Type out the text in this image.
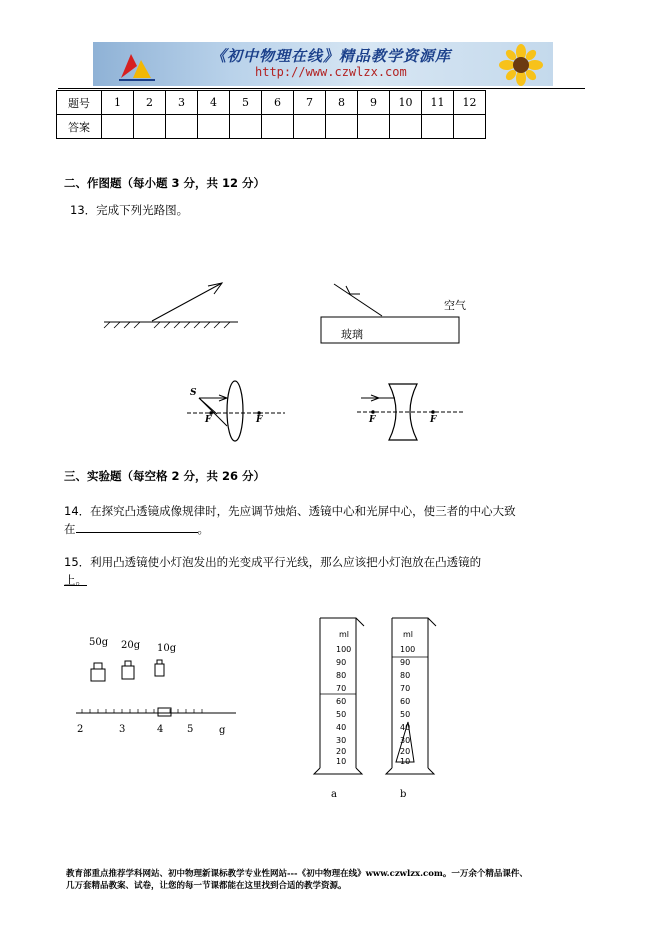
《初中物理在线》精品教学资源库
http://www.czwlzx.com
题号	1	2	3	4	5	6	7	8	9	10	11	12
答案												
二、作图题（每小题 3 分，共 12 分）
13．完成下列光路图。
空气
玻璃
S
F	F	F	F
三、实验题（每空格 2 分，共 26 分）
14．在探究凸透镜成像规律时，先应调节烛焰、透镜中心和光屏中心，使三者的中心大致
在	。
15．利用凸透镜使小灯泡发出的光变成平行光线，那么应该把小灯泡放在凸透镜的
上。
50g 20g 10g
2	3	4 5	g
ml
100
90
80
70
60
50
40
30
20
10
ml
100
90
80
70
60
50
40
30
20
10
a	b
教育部重点推荐学科网站、初中物理新课标教学专业性网站---《初中物理在线》www.czwlzx.com。一万余个精品课件、
几万套精品教案、试卷，让您的每一节课都能在这里找到合适的教学资源。
